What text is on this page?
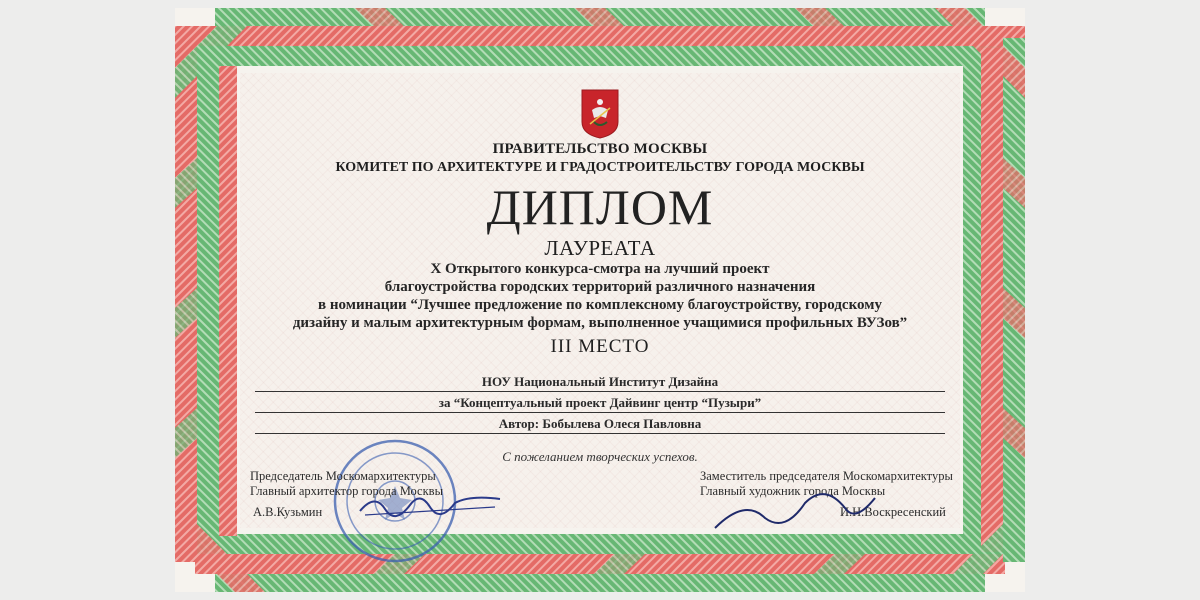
ПРАВИТЕЛЬСТВО МОСКВЫ
КОМИТЕТ ПО АРХИТЕКТУРЕ И ГРАДОСТРОИТЕЛЬСТВУ ГОРОДА МОСКВЫ
ДИПЛОМ
ЛАУРЕАТА
Х Открытого конкурса-смотра на лучший проект
благоустройства городских территорий различного назначения
в номинации “Лучшее предложение по комплексному благоустройству, городскому
дизайну и малым архитектурным формам, выполненное учащимися профильных ВУЗов”
III МЕСТО
НОУ Национальный Институт Дизайна
за “Концептуальный проект Дайвинг центр “Пузыри”
Автор: Бобылева Олеся Павловна
С пожеланием творческих успехов.
Председатель Москомархитектуры
Главный архитектор города Москвы
А.В.Кузьмин
Заместитель председателя Москомархитектуры
Главный художник города Москвы
И.Н.Воскресенский
